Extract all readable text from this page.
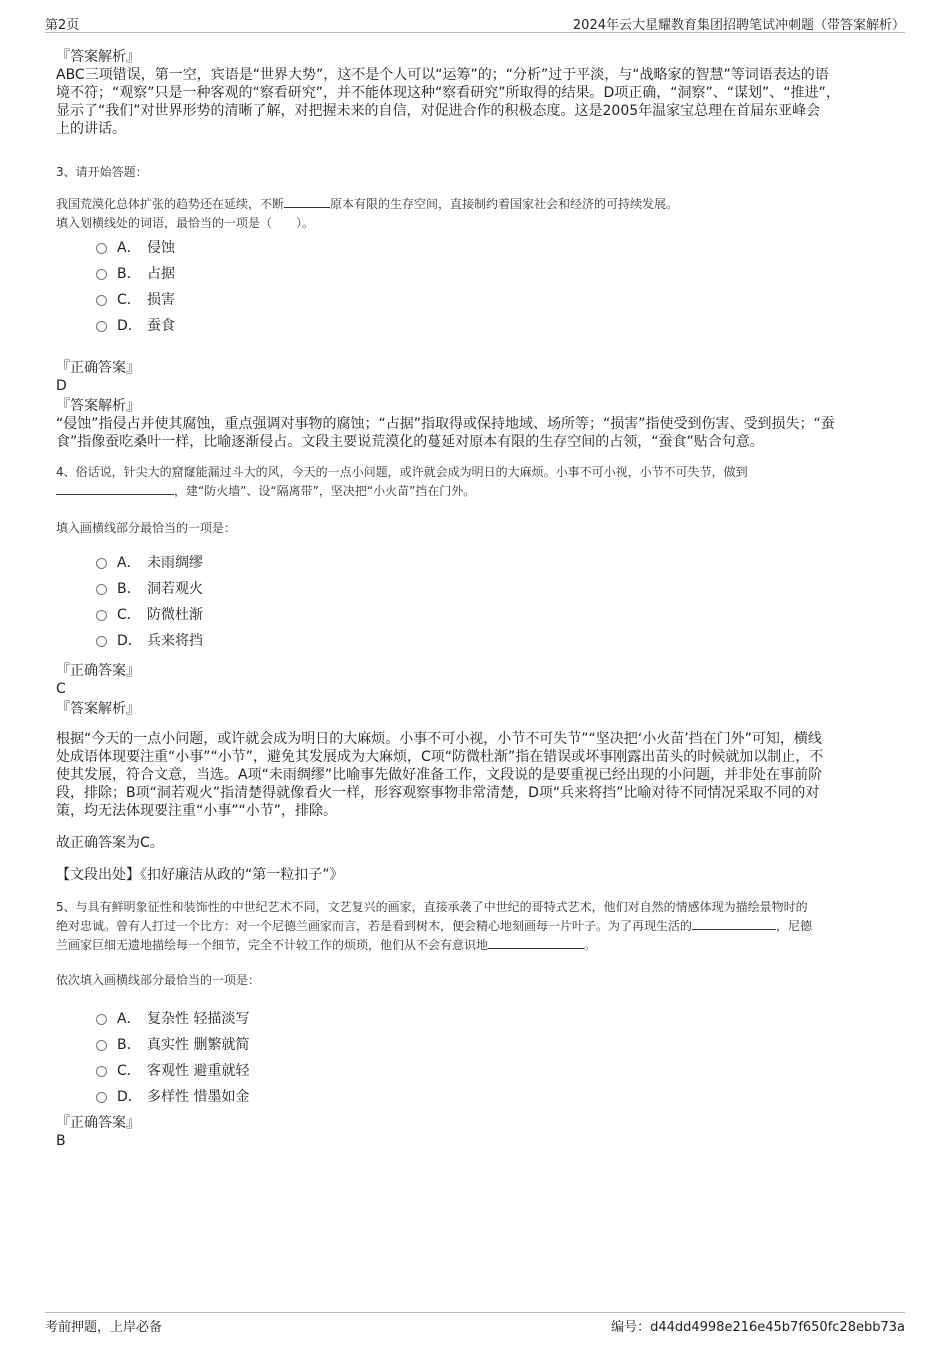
第2页	2024年云大星耀教育集团招聘笔试冲刺题（带答案解析）

『答案解析』

ABC三项错误，第一空，宾语是“世界大势”，这不是个人可以“运筹”的；“分析”过于平淡，与“战略家的智慧”等词语表达的语

境不符；“观察”只是一种客观的“察看研究”，并不能体现这种“察看研究”所取得的结果。D项正确，“洞察”、“谋划”、“推进”，

显示了“我们”对世界形势的清晰了解，对把握未来的自信，对促进合作的积极态度。这是2005年温家宝总理在首届东亚峰会

上的讲话。

3、请开始答题：

我国荒漠化总体扩张的趋势还在延续，不断	原本有限的生存空间，直接制约着国家社会和经济的可持续发展。

填入划横线处的词语，最恰当的一项是（　　）。

A． 侵蚀
B． 占据
C． 损害
D． 蚕食

『正确答案』

D

『答案解析』

“侵蚀”指侵占并使其腐蚀，重点强调对事物的腐蚀；“占据”指取得或保持地域、场所等；“损害”指使受到伤害、受到损失；“蚕

食”指像蚕吃桑叶一样，比喻逐渐侵占。文段主要说荒漠化的蔓延对原本有限的生存空间的占领，“蚕食”贴合句意。

4、俗话说，针尖大的窟窿能漏过斗大的风，今天的一点小问题，或许就会成为明日的大麻烦。小事不可小视，小节不可失节，做到

，建“防火墙”、设“隔离带”，坚决把“小火苗”挡在门外。

填入画横线部分最恰当的一项是：

A． 未雨绸缪
B． 洞若观火
C． 防微杜渐
D． 兵来将挡

『正确答案』

C

『答案解析』

根据“今天的一点小问题，或许就会成为明日的大麻烦。小事不可小视，小节不可失节”“坚决把‘小火苗’挡在门外”可知，横线

处成语体现要注重“小事”“小节”，避免其发展成为大麻烦，C项“防微杜渐”指在错误或坏事刚露出苗头的时候就加以制止，不

使其发展，符合文意，当选。A项“未雨绸缪”比喻事先做好准备工作，文段说的是要重视已经出现的小问题，并非处在事前阶

段，排除；B项“洞若观火”指清楚得就像看火一样，形容观察事物非常清楚，D项“兵来将挡”比喻对待不同情况采取不同的对

策，均无法体现要注重“小事”“小节”，排除。

故正确答案为C。

【文段出处】《扣好廉洁从政的“第一粒扣子”》

5、与具有鲜明象征性和装饰性的中世纪艺术不同，文艺复兴的画家，直接承袭了中世纪的哥特式艺术，他们对自然的情感体现为描绘景物时的

绝对忠诚。曾有人打过一个比方：对一个尼德兰画家而言，若是看到树木，便会精心地刻画每一片叶子。为了再现生活的	，尼德

兰画家巨细无遗地描绘每一个细节，完全不计较工作的烦琐，他们从不会有意识地	。

依次填入画横线部分最恰当的一项是：

A． 复杂性 轻描淡写
B． 真实性 删繁就简
C． 客观性 避重就轻
D． 多样性 惜墨如金

『正确答案』

B

考前押题，上岸必备	编号：d44dd4998e216e45b7f650fc28ebb73a
